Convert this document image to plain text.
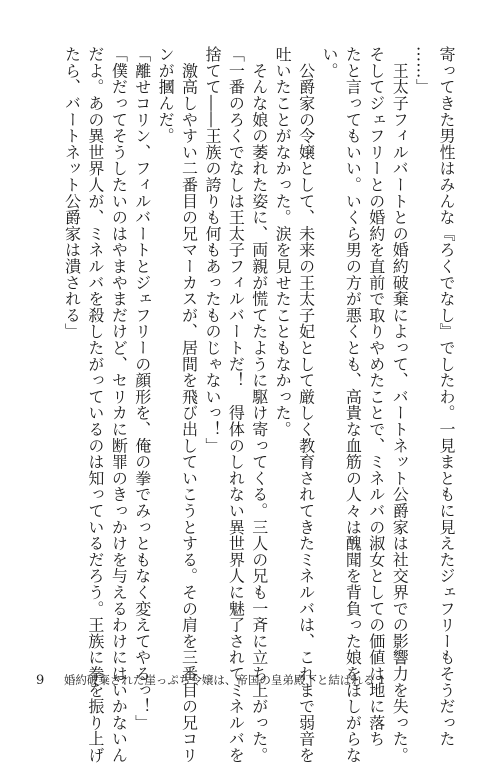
寄ってきた男性はみんな『ろくでなし』でしたわ。一見まともに見えたジェフリーもそうだった
……」
　王太子フィルバートとの婚約破棄によって、バートネット公爵家は社交界での影響力を失った。
そしてジェフリーとの婚約を直前で取りやめたことで、ミネルバの淑女としての価値は地に落ち
たと言ってもいい。いくら男の方が悪くとも、高貴な血筋の人々は醜聞を背負った娘をほしがらな
い。
　公爵家の令嬢として、未来の王太子妃として厳しく教育されてきたミネルバは、これまで弱音を
吐いたことがなかった。涙を見せたこともなかった。
　そんな娘の萎れた姿に、両親が慌てたように駆け寄ってくる。三人の兄も一斉に立ち上がった。
「一番のろくでなしは王太子フィルバートだ！　得体のしれない異世界人に魅了されてミネルバを
捨てて――王族の誇りも何もあったものじゃないっ！」
　激高しやすい二番目の兄マーカスが、居間を飛び出していこうとする。その肩を三番目の兄コリ
ンが摑んだ。
「離せコリン、フィルバートとジェフリーの顔形を、俺の拳でみっともなく変えてやるっ！」
「僕だってそうしたいのはやまやまだけど、セリカに断罪のきっかけを与えるわけにはいかないん
だよ。あの異世界人が、ミネルバを殺したがっているのは知っているだろう。王族に拳を振り上げ
たら、バートネット公爵家は潰される」
9 婚約破棄された崖っぷち令嬢は、帝国の皇弟殿下と結ばれる 1
